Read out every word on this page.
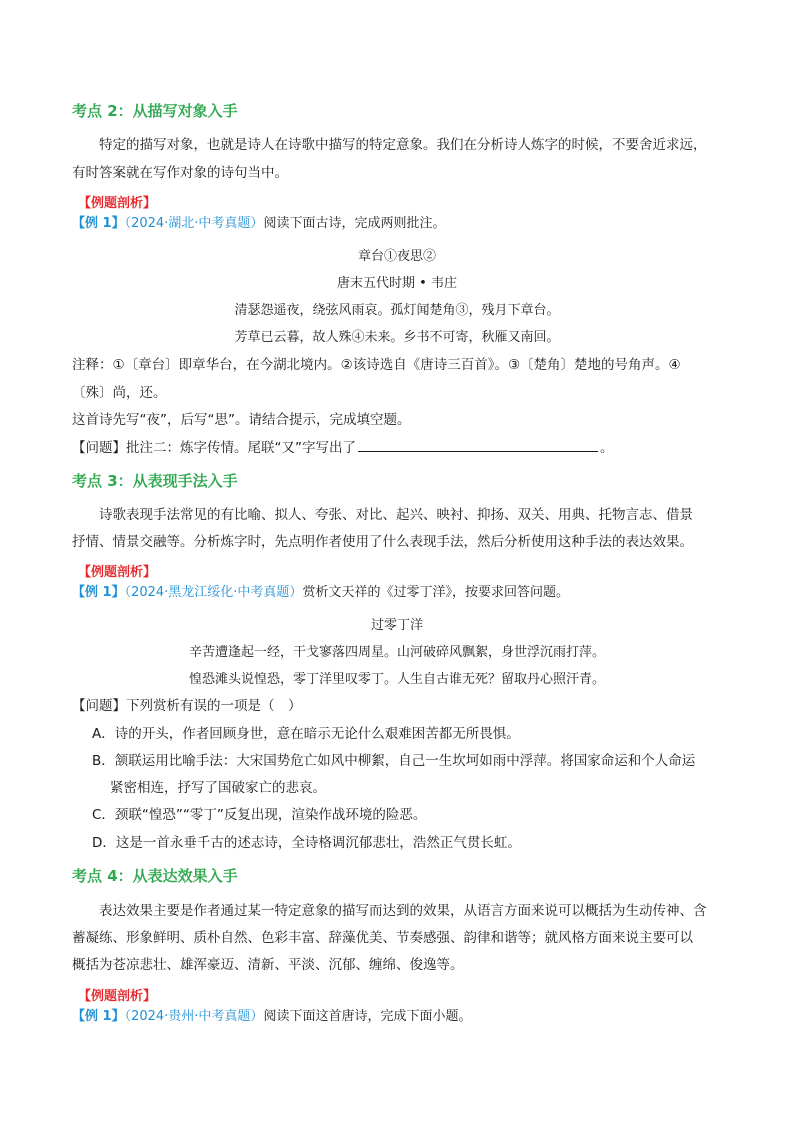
考点 2：从描写对象入手
特定的描写对象，也就是诗人在诗歌中描写的特定意象。我们在分析诗人炼字的时候，不要舍近求远，
有时答案就在写作对象的诗句当中。
【例题剖析】
【例 1】（2024·湖北·中考真题）阅读下面古诗，完成两则批注。
章台①夜思②
唐末五代时期 • 韦庄
清瑟怨遥夜，绕弦风雨哀。孤灯闻楚角③，残月下章台。
芳草已云暮，故人殊④未来。乡书不可寄，秋雁又南回。
注释：①〔章台〕即章华台，在今湖北境内。②该诗选自《唐诗三百首》。③〔楚角〕楚地的号角声。④
〔殊〕尚，还。
这首诗先写“夜”，后写“思”。请结合提示，完成填空题。
【问题】批注二：炼字传情。尾联“又”字写出了	。
考点 3：从表现手法入手
诗歌表现手法常见的有比喻、拟人、夸张、对比、起兴、映衬、抑扬、双关、用典、托物言志、借景
抒情、情景交融等。分析炼字时，先点明作者使用了什么表现手法，然后分析使用这种手法的表达效果。
【例题剖析】
【例 1】（2024·黑龙江绥化·中考真题）赏析文天祥的《过零丁洋》，按要求回答问题。
过零丁洋
辛苦遭逢起一经，干戈寥落四周星。山河破碎风飘絮，身世浮沉雨打萍。
惶恐滩头说惶恐，零丁洋里叹零丁。人生自古谁无死？留取丹心照汗青。
【问题】下列赏析有误的一项是（　）
A．诗的开头，作者回顾身世，意在暗示无论什么艰难困苦都无所畏惧。
B．颔联运用比喻手法：大宋国势危亡如风中柳絮，自己一生坎坷如雨中浮萍。将国家命运和个人命运
紧密相连，抒写了国破家亡的悲哀。
C．颈联“惶恐”“零丁”反复出现，渲染作战环境的险恶。
D．这是一首永垂千古的述志诗，全诗格调沉郁悲壮，浩然正气贯长虹。
考点 4：从表达效果入手
表达效果主要是作者通过某一特定意象的描写而达到的效果，从语言方面来说可以概括为生动传神、含
蓄凝练、形象鲜明、质朴自然、色彩丰富、辞藻优美、节奏感强、韵律和谐等；就风格方面来说主要可以
概括为苍凉悲壮、雄浑豪迈、清新、平淡、沉郁、缠绵、俊逸等。
【例题剖析】
【例 1】（2024·贵州·中考真题）阅读下面这首唐诗，完成下面小题。
